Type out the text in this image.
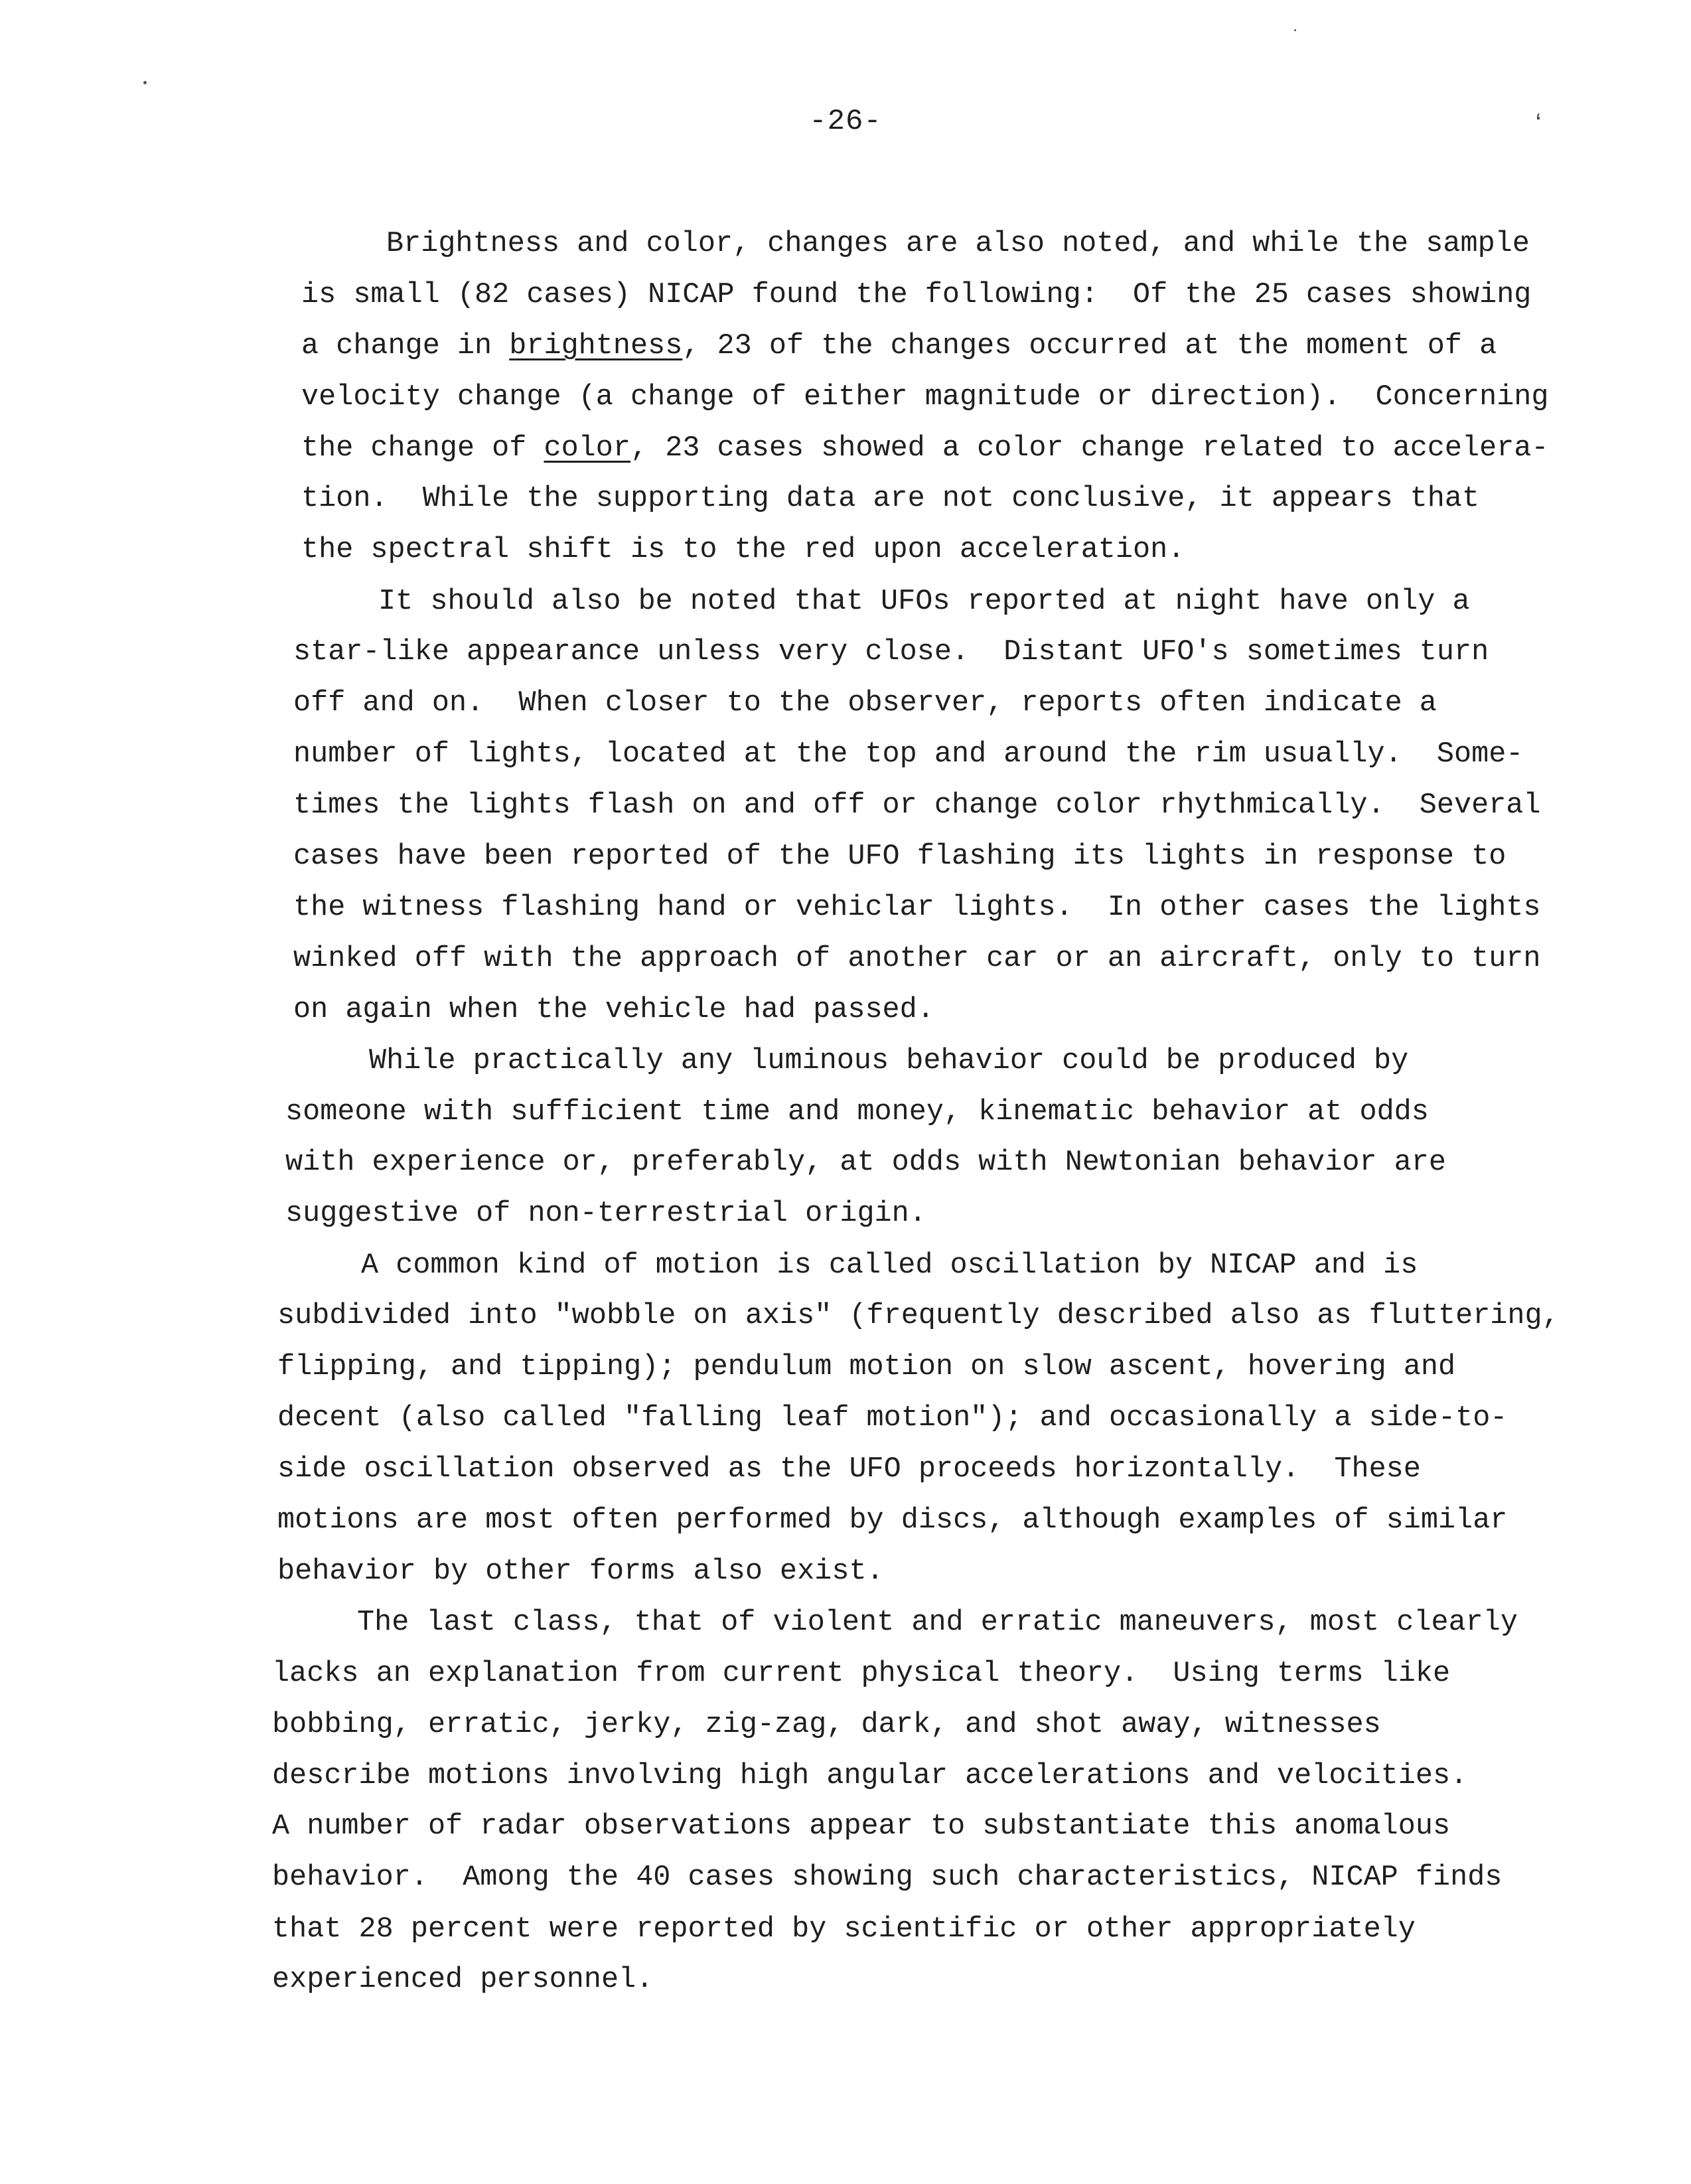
-26-	ʻ
Brightness and color, changes are also noted, and while the sample
is small (82 cases) NICAP found the following:  Of the 25 cases showing
a change in brightness, 23 of the changes occurred at the moment of a
velocity change (a change of either magnitude or direction).  Concerning
the change of color, 23 cases showed a color change related to accelera-
tion.  While the supporting data are not conclusive, it appears that
the spectral shift is to the red upon acceleration.
It should also be noted that UFOs reported at night have only a
star-like appearance unless very close.  Distant UFO's sometimes turn
off and on.  When closer to the observer, reports often indicate a
number of lights, located at the top and around the rim usually.  Some-
times the lights flash on and off or change color rhythmically.  Several
cases have been reported of the UFO flashing its lights in response to
the witness flashing hand or vehiclar lights.  In other cases the lights
winked off with the approach of another car or an aircraft, only to turn
on again when the vehicle had passed.
While practically any luminous behavior could be produced by
someone with sufficient time and money, kinematic behavior at odds
with experience or, preferably, at odds with Newtonian behavior are
suggestive of non-terrestrial origin.
A common kind of motion is called oscillation by NICAP and is
subdivided into "wobble on axis" (frequently described also as fluttering,
flipping, and tipping); pendulum motion on slow ascent, hovering and
decent (also called "falling leaf motion"); and occasionally a side-to-
side oscillation observed as the UFO proceeds horizontally.  These
motions are most often performed by discs, although examples of similar
behavior by other forms also exist.
The last class, that of violent and erratic maneuvers, most clearly
lacks an explanation from current physical theory.  Using terms like
bobbing, erratic, jerky, zig-zag, dark, and shot away, witnesses
describe motions involving high angular accelerations and velocities.
A number of radar observations appear to substantiate this anomalous
behavior.  Among the 40 cases showing such characteristics, NICAP finds
that 28 percent were reported by scientific or other appropriately
experienced personnel.
